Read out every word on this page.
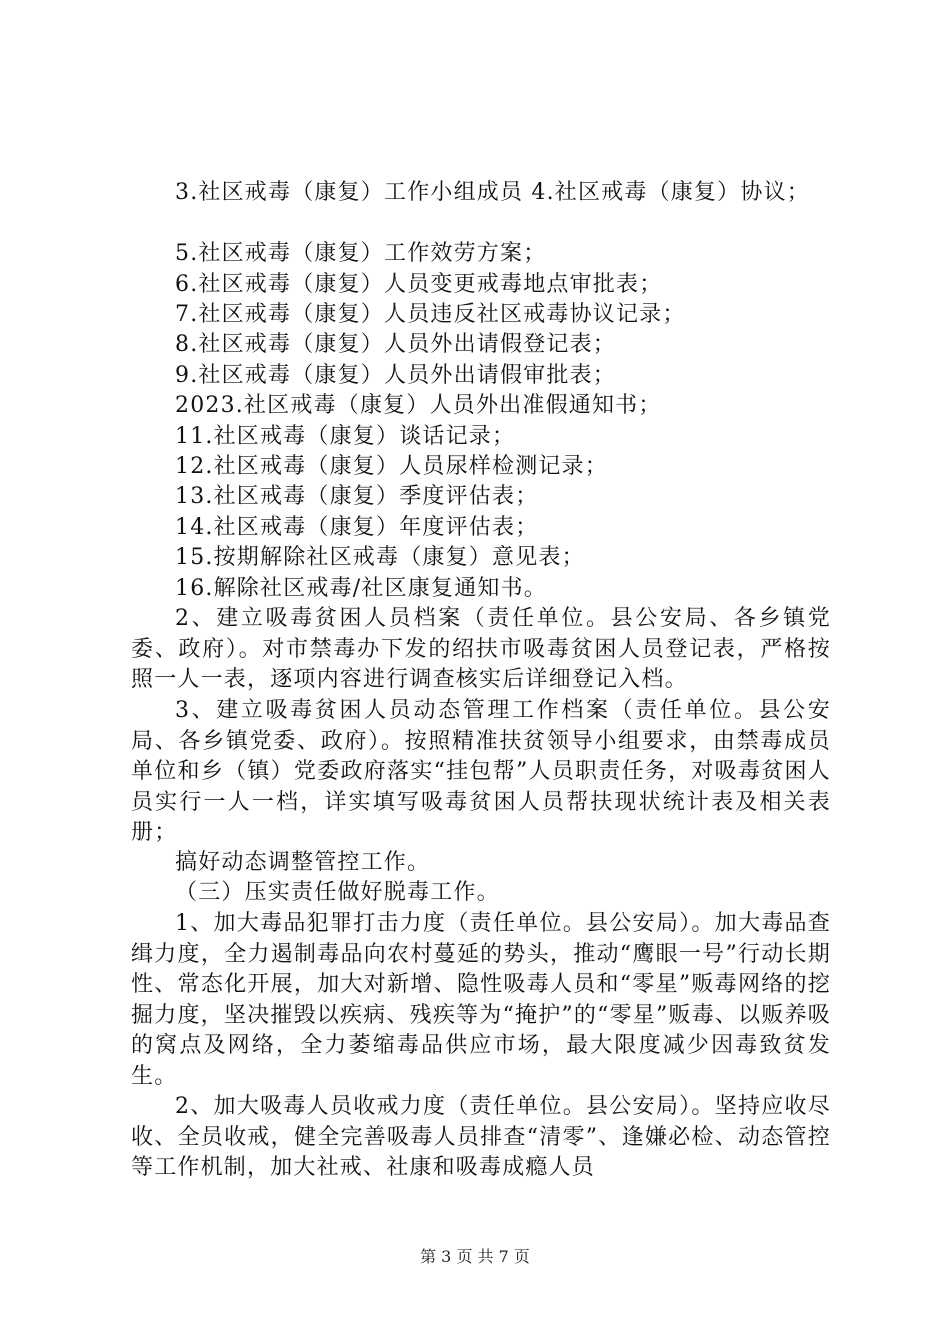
3.社区戒毒（康复）工作小组成员 4.社区戒毒（康复）协议；
5.社区戒毒（康复）工作效劳方案；
6.社区戒毒（康复）人员变更戒毒地点审批表；
7.社区戒毒（康复）人员违反社区戒毒协议记录；
8.社区戒毒（康复）人员外出请假登记表；
9.社区戒毒（康复）人员外出请假审批表；
2023.社区戒毒（康复）人员外出准假通知书；
11.社区戒毒（康复）谈话记录；
12.社区戒毒（康复）人员尿样检测记录；
13.社区戒毒（康复）季度评估表；
14.社区戒毒（康复）年度评估表；
15.按期解除社区戒毒（康复）意见表；
16.解除社区戒毒/社区康复通知书。

2、建立吸毒贫困人员档案（责任单位。县公安局、各乡镇党委、政府）。对市禁毒办下发的绍扶市吸毒贫困人员登记表，严格按照一人一表，逐项内容进行调查核实后详细登记入档。

3、建立吸毒贫困人员动态管理工作档案（责任单位。县公安局、各乡镇党委、政府）。按照精准扶贫领导小组要求，由禁毒成员单位和乡（镇）党委政府落实“挂包帮”人员职责任务，对吸毒贫困人员实行一人一档，详实填写吸毒贫困人员帮扶现状统计表及相关表册；

搞好动态调整管控工作。

（三）压实责任做好脱毒工作。

1、加大毒品犯罪打击力度（责任单位。县公安局）。加大毒品查缉力度，全力遏制毒品向农村蔓延的势头，推动“鹰眼一号”行动长期性、常态化开展，加大对新增、隐性吸毒人员和“零星”贩毒网络的挖掘力度，坚决摧毁以疾病、残疾等为“掩护”的“零星”贩毒、以贩养吸的窝点及网络，全力萎缩毒品供应市场，最大限度减少因毒致贫发生。

2、加大吸毒人员收戒力度（责任单位。县公安局）。坚持应收尽收、全员收戒，健全完善吸毒人员排查“清零”、逢嫌必检、动态管控等工作机制，加大社戒、社康和吸毒成瘾人员

第 3 页 共 7 页
